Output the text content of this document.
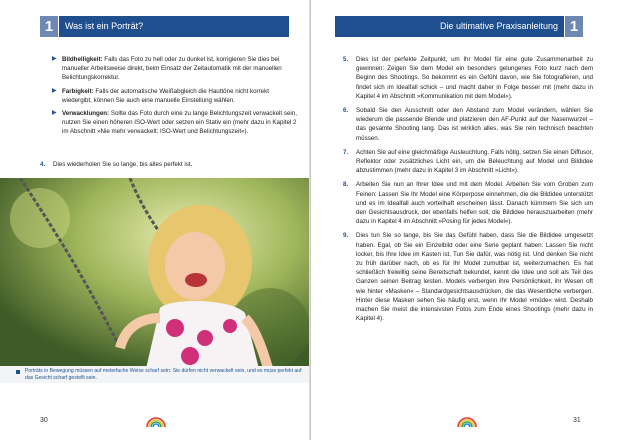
1	Was ist ein Porträt?
▶ Bildhelligkeit: Falls das Foto zu hell oder zu dunkel ist, korrigieren Sie dies bei manueller Arbeitsweise direkt, beim Einsatz der Zeitautomatik mit der manuellen Belichtungskorrektur.
▶ Farbigkeit: Falls der automatische Weißabgleich die Hauttöne nicht korrekt wiedergibt, können Sie auch eine manuelle Einstellung wählen.
▶ Verwacklungen: Sollte das Foto durch eine zu lange Belichtungszeit verwackelt sein, nutzen Sie einen höheren ISO-Wert oder setzen ein Stativ ein (mehr dazu in Kapitel 2 im Abschnitt »Nie mehr verwackelt: ISO-Wert und Belichtungszeit«).
4.	Dies wiederholen Sie so lange, bis alles perfekt ist.
Porträts in Bewegung müssen auf meterfache Weise scharf sein: Sie dürfen nicht verwackelt sein, und es muss perfekt auf das Gesicht scharf gestellt sein.
30
Die ultimative Praxisanleitung 1
5.	Dies ist der perfekte Zeitpunkt, um Ihr Model für eine gute Zusammenarbeit zu gewinnen: Zeigen Sie dem Model ein besonders gelungenes Foto kurz nach dem Beginn des Shootings. So bekommt es ein Gefühl davon, wie Sie fotografieren, und findet sich im Idealfall schick – und macht daher in Folge besser mit (mehr dazu in Kapitel 4 im Abschnitt »Kommunikation mit dem Model«).
6.	Sobald Sie den Ausschnitt oder den Abstand zum Model verändern, wählen Sie wiederum die passende Blende und platzieren den AF-Punkt auf der Nasenwurzel – das gesamte Shooting lang. Das ist wirklich alles, was Sie rein technisch beachten müssen.
7.	Achten Sie auf eine gleichmäßige Ausleuchtung. Falls nötig, setzen Sie einen Diffusor, Reflektor oder zusätzliches Licht ein, um die Beleuchtung auf Model und Bildidee abzustimmen (mehr dazu in Kapitel 3 im Abschnitt »Licht«).
8.	Arbeiten Sie nun an Ihrer Idee und mit dem Model. Arbeiten Sie vom Groben zum Feinen: Lassen Sie Ihr Model eine Körperpose einnehmen, die die Bildidee unterstützt und es im Idealfall auch vorteilhaft erscheinen lässt. Danach kümmern Sie sich um den Gesichtsausdruck, der ebenfalls helfen soll, die Bildidee herauszuarbeiten (mehr dazu in Kapitel 4 im Abschnitt »Posing für jedes Model«).
9.	Dies tun Sie so lange, bis Sie das Gefühl haben, dass Sie die Bildidee umgesetzt haben. Egal, ob Sie ein Einzelbild oder eine Serie geplant haben: Lassen Sie nicht locker, bis Ihre Idee im Kasten ist. Tun Sie dafür, was nötig ist. Und denken Sie nicht zu früh darüber nach, ob es für Ihr Model zumutbar ist, weiterzumachen. Es hat schließlich freiwillig seine Bereitschaft bekundet, kennt die Idee und soll als Teil des Ganzen seinen Beitrag leisten. Models verbergen ihre Persönlichkeit, ihr Wesen oft wie hinter »Masken« – Standardgesichtsausdrücken, die das Wesentliche verbergen. Hinter diese Masken sehen Sie häufig erst, wenn Ihr Model »müde« wird. Deshalb machen Sie meist die intensivsten Fotos zum Ende eines Shootings (mehr dazu in Kapitel 4).
31
